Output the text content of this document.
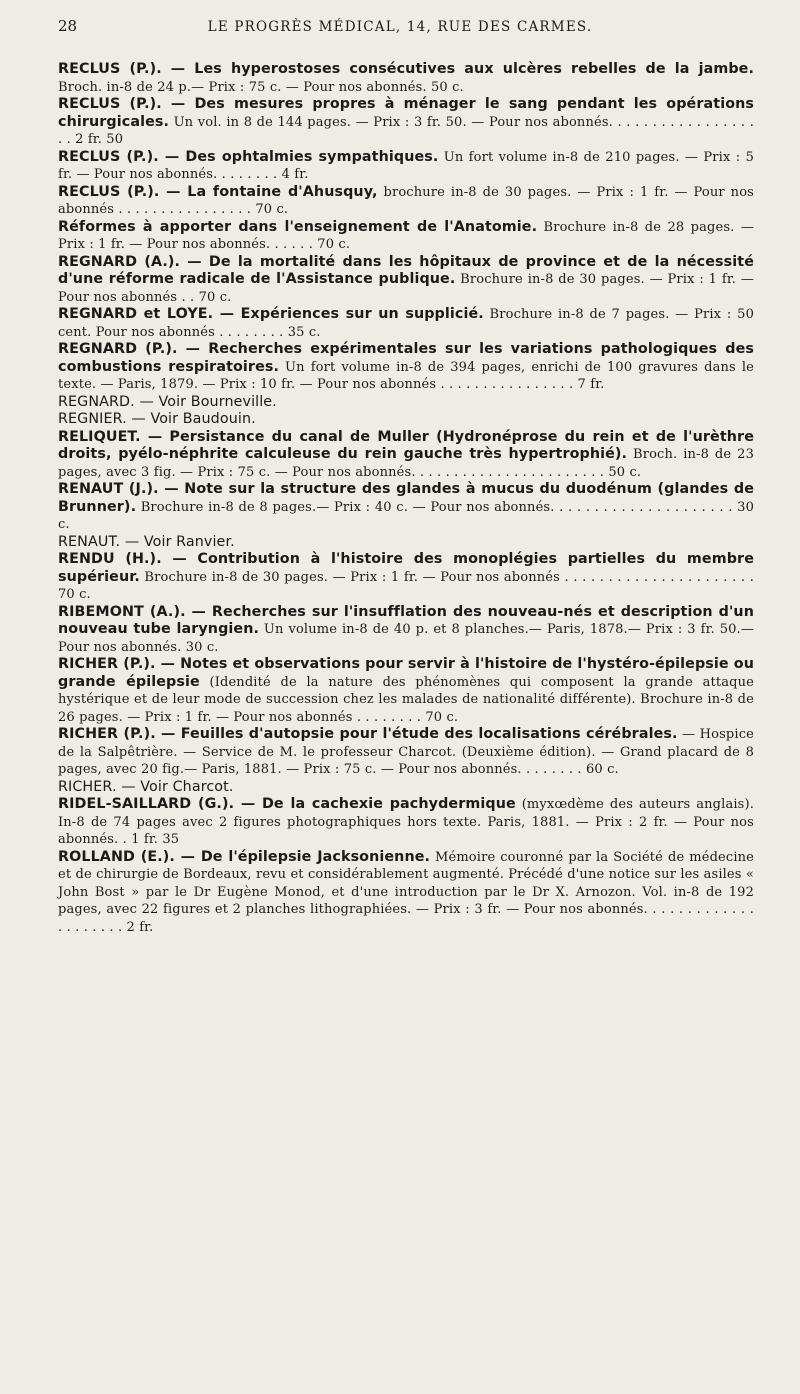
28	LE PROGRÈS MÉDICAL, 14, RUE DES CARMES.

RECLUS (P.). — Les hyperostoses consécutives aux ulcères rebelles de la jambe. Broch. in-8 de 24 p.— Prix : 75 c. — Pour nos abonnés. 50 c.

RECLUS (P.). — Des mesures propres à ménager le sang pendant les opérations chirurgicales. Un vol. in 8 de 144 pages. — Prix : 3 fr. 50. — Pour nos abonnés. . . . . . . . . . . . . . . . . . . 2 fr. 50

RECLUS (P.). — Des ophtalmies sympathiques. Un fort volume in-8 de 210 pages. — Prix : 5 fr. — Pour nos abonnés. . . . . . . . 4 fr.

RECLUS (P.). — La fontaine d'Ahusquy, brochure in-8 de 30 pages. — Prix : 1 fr. — Pour nos abonnés . . . . . . . . . . . . . . . . 70 c.

Réformes à apporter dans l'enseignement de l'Anatomie. Brochure in-8 de 28 pages. — Prix : 1 fr. — Pour nos abonnés. . . . . . 70 c.

REGNARD (A.). — De la mortalité dans les hôpitaux de province et de la nécessité d'une réforme radicale de l'Assistance publique. Brochure in-8 de 30 pages. — Prix : 1 fr. — Pour nos abonnés . . 70 c.

REGNARD et LOYE. — Expériences sur un supplicié. Brochure in-8 de 7 pages. — Prix : 50 cent. Pour nos abonnés . . . . . . . . 35 c.

REGNARD (P.). — Recherches expérimentales sur les variations pathologiques des combustions respiratoires. Un fort volume in-8 de 394 pages, enrichi de 100 gravures dans le texte. — Paris, 1879. — Prix : 10 fr. — Pour nos abonnés . . . . . . . . . . . . . . . . 7 fr.

REGNARD. — Voir Bourneville.

REGNIER. — Voir Baudouin.

RELIQUET. — Persistance du canal de Muller (Hydronéprose du rein et de l'urèthre droits, pyélo-néphrite calculeuse du rein gauche très hypertrophié). Broch. in-8 de 23 pages, avec 3 fig. — Prix : 75 c. — Pour nos abonnés. . . . . . . . . . . . . . . . . . . . . . . 50 c.

RENAUT (J.). — Note sur la structure des glandes à mucus du duodénum (glandes de Brunner). Brochure in-8 de 8 pages.— Prix : 40 c. — Pour nos abonnés. . . . . . . . . . . . . . . . . . . . . 30 c.

RENAUT. — Voir Ranvier.

RENDU (H.). — Contribution à l'histoire des monoplégies partielles du membre supérieur. Brochure in-8 de 30 pages. — Prix : 1 fr. — Pour nos abonnés . . . . . . . . . . . . . . . . . . . . . . 70 c.

RIBEMONT (A.). — Recherches sur l'insufflation des nouveau-nés et description d'un nouveau tube laryngien. Un volume in-8 de 40 p. et 8 planches.— Paris, 1878.— Prix : 3 fr. 50.— Pour nos abonnés. 30 c.

RICHER (P.). — Notes et observations pour servir à l'histoire de l'hystéro-épilepsie ou grande épilepsie (Idendité de la nature des phénomènes qui composent la grande attaque hystérique et de leur mode de succession chez les malades de nationalité différente). Brochure in-8 de 26 pages. — Prix : 1 fr. — Pour nos abonnés . . . . . . . . 70 c.

RICHER (P.). — Feuilles d'autopsie pour l'étude des localisations cérébrales. — Hospice de la Salpêtrière. — Service de M. le professeur Charcot. (Deuxième édition). — Grand placard de 8 pages, avec 20 fig.— Paris, 1881. — Prix : 75 c. — Pour nos abonnés. . . . . . . . 60 c.

RICHER. — Voir Charcot.

RIDEL-SAILLARD (G.). — De la cachexie pachydermique (myxœdème des auteurs anglais). In-8 de 74 pages avec 2 figures photographiques hors texte. Paris, 1881. — Prix : 2 fr. — Pour nos abonnés. . 1 fr. 35

ROLLAND (E.). — De l'épilepsie Jacksonienne. Mémoire couronné par la Société de médecine et de chirurgie de Bordeaux, revu et considérablement augmenté. Précédé d'une notice sur les asiles « John Bost » par le Dr Eugène Monod, et d'une introduction par le Dr X. Arnozon. Vol. in-8 de 192 pages, avec 22 figures et 2 planches lithographiées. — Prix : 3 fr. — Pour nos abonnés. . . . . . . . . . . . . . . . . . . . . 2 fr.
